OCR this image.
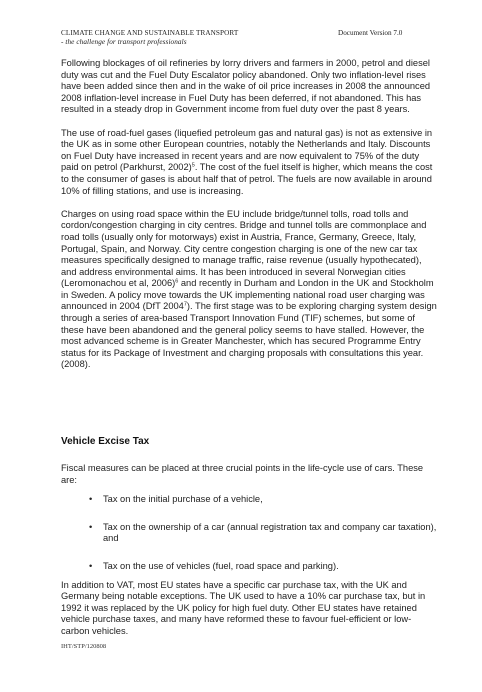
CLIMATE CHANGE AND SUSTAINABLE TRANSPORT
- the challenge for transport professionals
Document Version 7.0

Following blockages of oil refineries by lorry drivers and farmers in 2000, petrol and diesel duty was cut and the Fuel Duty Escalator policy abandoned. Only two inflation-level rises have been added since then and in the wake of oil price increases in 2008 the announced 2008 inflation-level increase in Fuel Duty has been deferred, if not abandoned. This has resulted in a steady drop in Government income from fuel duty over the past 8 years.

The use of road-fuel gases (liquefied petroleum gas and natural gas) is not as extensive in the UK as in some other European countries, notably the Netherlands and Italy. Discounts on Fuel Duty have increased in recent years and are now equivalent to 75% of the duty paid on petrol (Parkhurst, 2002)$^5$. The cost of the fuel itself is higher, which means the cost to the consumer of gases is about half that of petrol. The fuels are now available in around 10% of filling stations, and use is increasing.

Charges on using road space within the EU include bridge/tunnel tolls, road tolls and cordon/congestion charging in city centres. Bridge and tunnel tolls are commonplace and road tolls (usually only for motorways) exist in Austria, France, Germany, Greece, Italy, Portugal, Spain, and Norway. City centre congestion charging is one of the new car tax measures specifically designed to manage traffic, raise revenue (usually hypothecated), and address environmental aims. It has been introduced in several Norwegian cities (Leromonachou et al, 2006)$^6$ and recently in Durham and London in the UK and Stockholm in Sweden. A policy move towards the UK implementing national road user charging was announced in 2004 (DfT 2004$^7$). The first stage was to be exploring charging system design through a series of area-based Transport Innovation Fund (TIF) schemes, but some of these have been abandoned and the general policy seems to have stalled. However, the most advanced scheme is in Greater Manchester, which has secured Programme Entry status for its Package of Investment and charging proposals with consultations this year. (2008).

Vehicle Excise Tax

Fiscal measures can be placed at three crucial points in the life-cycle use of cars. These are:

• Tax on the initial purchase of a vehicle,
• Tax on the ownership of a car (annual registration tax and company car taxation), and
• Tax on the use of vehicles (fuel, road space and parking).

In addition to VAT, most EU states have a specific car purchase tax, with the UK and Germany being notable exceptions. The UK used to have a 10% car purchase tax, but in 1992 it was replaced by the UK policy for high fuel duty. Other EU states have retained vehicle purchase taxes, and many have reformed these to favour fuel-efficient or low-carbon vehicles.

IHT/STP/120808
